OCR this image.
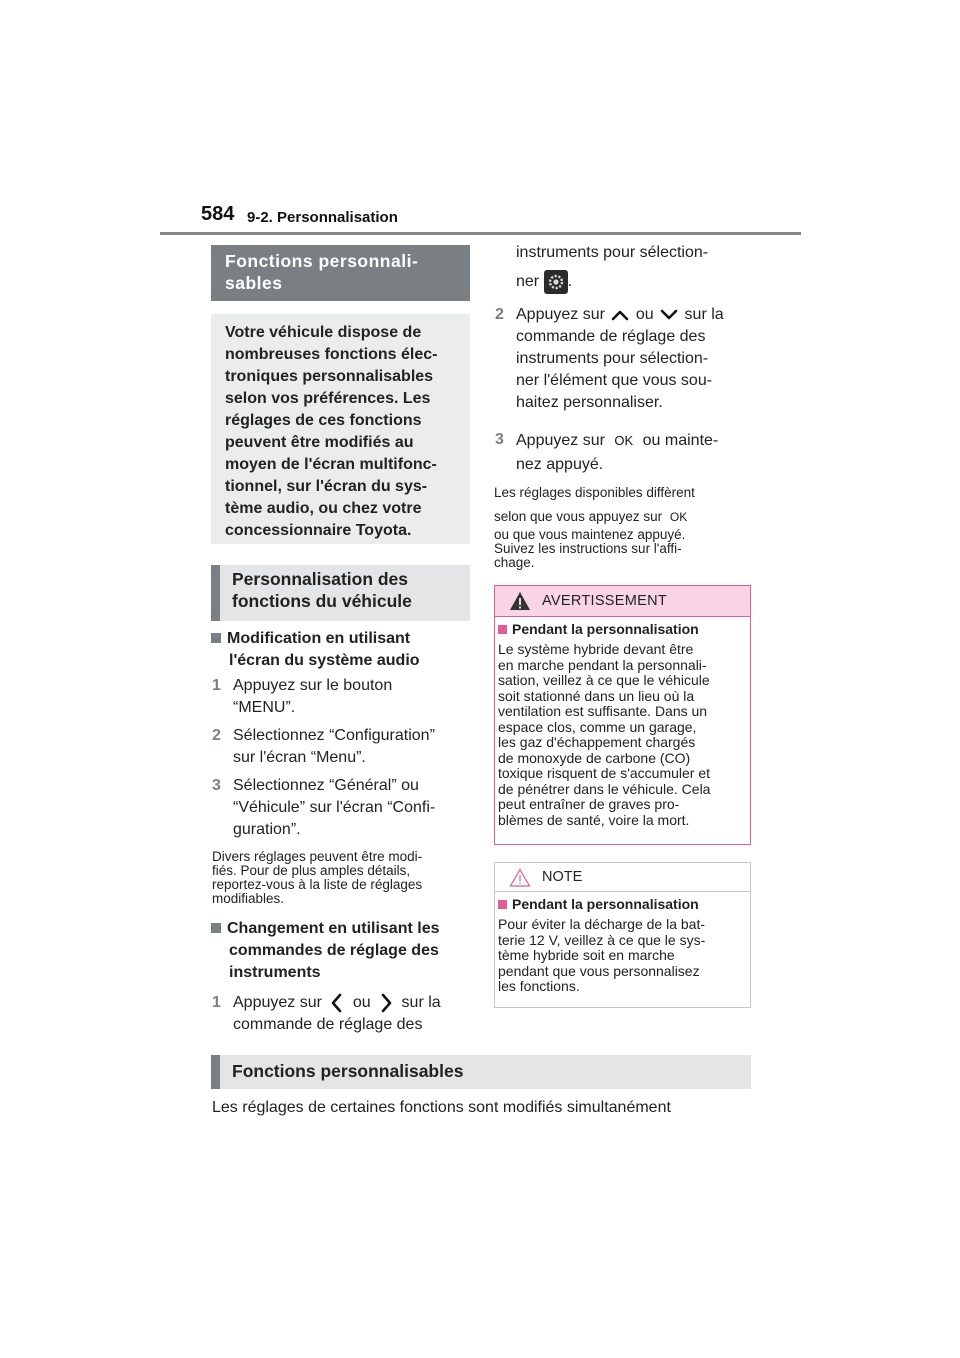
584 9-2. Personnalisation
Fonctions personnali-
sables
Votre véhicule dispose de
nombreuses fonctions élec-
troniques personnalisables
selon vos préférences. Les
réglages de ces fonctions
peuvent être modifiés au
moyen de l'écran multifonc-
tionnel, sur l'écran du sys-
tème audio, ou chez votre
concessionnaire Toyota.
Personnalisation des
fonctions du véhicule
Modification en utilisant
l'écran du système audio
1 Appuyez sur le bouton
“MENU”.
2 Sélectionnez “Configuration”
sur l'écran “Menu”.
3 Sélectionnez “Général” ou
“Véhicule” sur l'écran “Confi-
guration”.
Divers réglages peuvent être modi-
fiés. Pour de plus amples détails,
reportez-vous à la liste de réglages
modifiables.
Changement en utilisant les
commandes de réglage des
instruments
1 Appuyez sur ou sur la
commande de réglage des
instruments pour sélection-
ner .
2 Appuyez sur ou sur la
commande de réglage des
instruments pour sélection-
ner l'élément que vous sou-
haitez personnaliser.
3 Appuyez sur OK ou mainte-
nez appuyé.
Les réglages disponibles diffèrent
selon que vous appuyez sur OK
ou que vous maintenez appuyé.
Suivez les instructions sur l'affi-
chage.
AVERTISSEMENT
Pendant la personnalisation
Le système hybride devant être
en marche pendant la personnali-
sation, veillez à ce que le véhicule
soit stationné dans un lieu où la
ventilation est suffisante. Dans un
espace clos, comme un garage,
les gaz d'échappement chargés
de monoxyde de carbone (CO)
toxique risquent de s'accumuler et
de pénétrer dans le véhicule. Cela
peut entraîner de graves pro-
blèmes de santé, voire la mort.
NOTE
Pendant la personnalisation
Pour éviter la décharge de la bat-
terie 12 V, veillez à ce que le sys-
tème hybride soit en marche
pendant que vous personnalisez
les fonctions.
Fonctions personnalisables
Les réglages de certaines fonctions sont modifiés simultanément
